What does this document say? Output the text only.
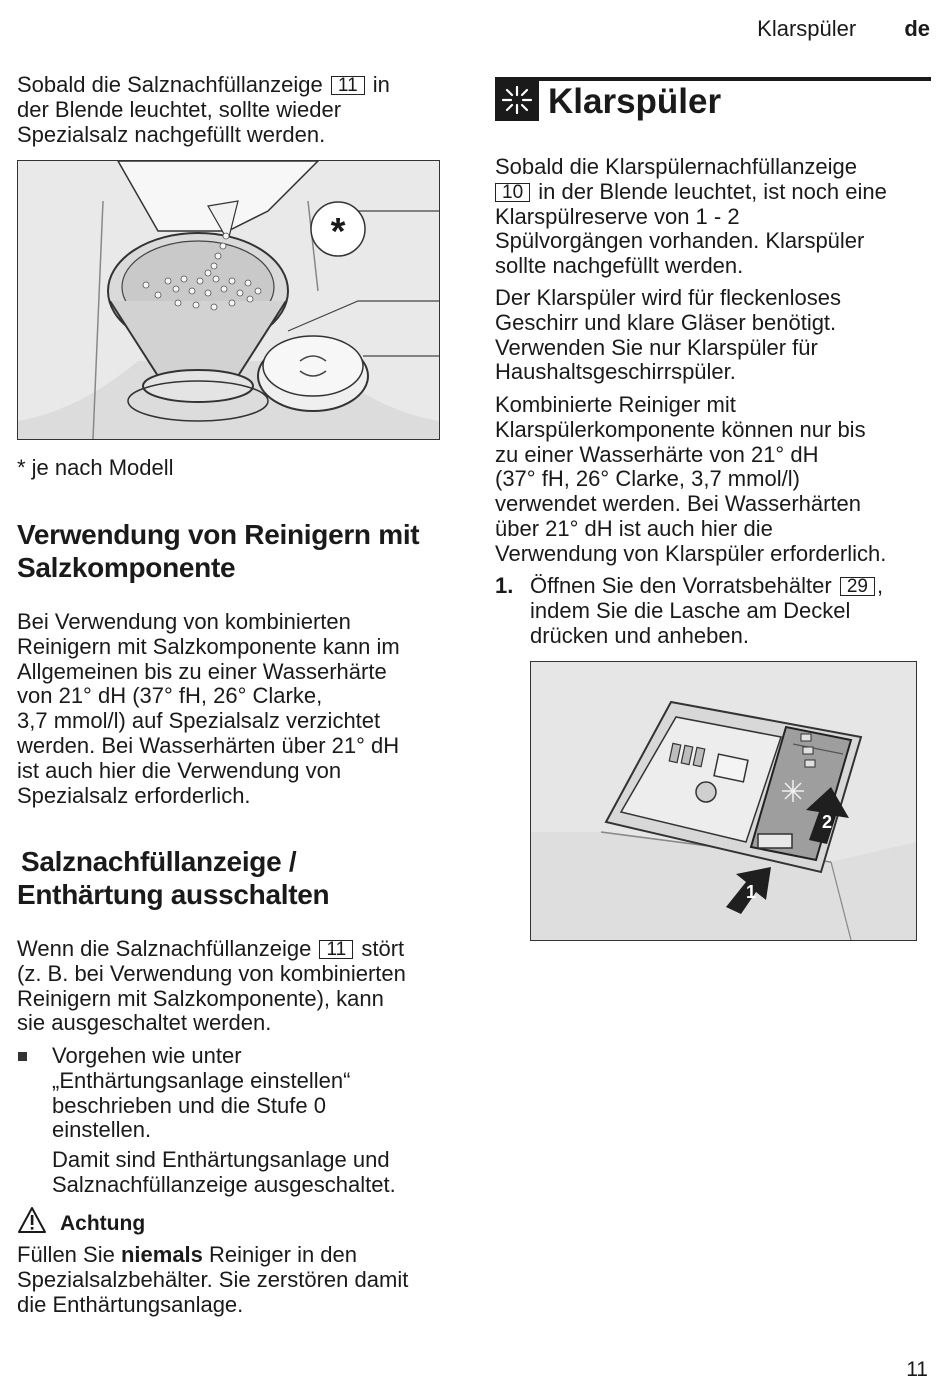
Klarspüler de
Sobald die Salznachfüllanzeige 11 in
der Blende leuchtet, sollte wieder
Spezialsalz nachgefüllt werden.
*
* je nach Modell
Verwendung von Reinigern mit
Salzkomponente
Bei Verwendung von kombinierten
Reinigern mit Salzkomponente kann im
Allgemeinen bis zu einer Wasserhärte
von 21° dH (37° fH, 26° Clarke,
3,7 mmol/l) auf Spezialsalz verzichtet
werden. Bei Wasserhärten über 21° dH
ist auch hier die Verwendung von
Spezialsalz erforderlich.
Salznachfüllanzeige /
Enthärtung ausschalten
Wenn die Salznachfüllanzeige 11 stört
(z. B. bei Verwendung von kombinierten
Reinigern mit Salzkomponente), kann
sie ausgeschaltet werden.
Vorgehen wie unter
„Enthärtungsanlage einstellen“
beschrieben und die Stufe 0
einstellen.
Damit sind Enthärtungsanlage und
Salznachfüllanzeige ausgeschaltet.
Achtung
Füllen Sie niemals Reiniger in den
Spezialsalzbehälter. Sie zerstören damit
die Enthärtungsanlage.
Klarspüler
Sobald die Klarspülernachfüllanzeige
10 in der Blende leuchtet, ist noch eine
Klarspülreserve von 1 - 2
Spülvorgängen vorhanden. Klarspüler
sollte nachgefüllt werden.
Der Klarspüler wird für fleckenloses
Geschirr und klare Gläser benötigt.
Verwenden Sie nur Klarspüler für
Haushaltsgeschirrspüler.
Kombinierte Reiniger mit
Klarspülerkomponente können nur bis
zu einer Wasserhärte von 21° dH
(37° fH, 26° Clarke, 3,7 mmol/l)
verwendet werden. Bei Wasserhärten
über 21° dH ist auch hier die
Verwendung von Klarspüler erforderlich.
1. Öffnen Sie den Vorratsbehälter 29 ,
indem Sie die Lasche am Deckel
drücken und anheben.
2
1
11
